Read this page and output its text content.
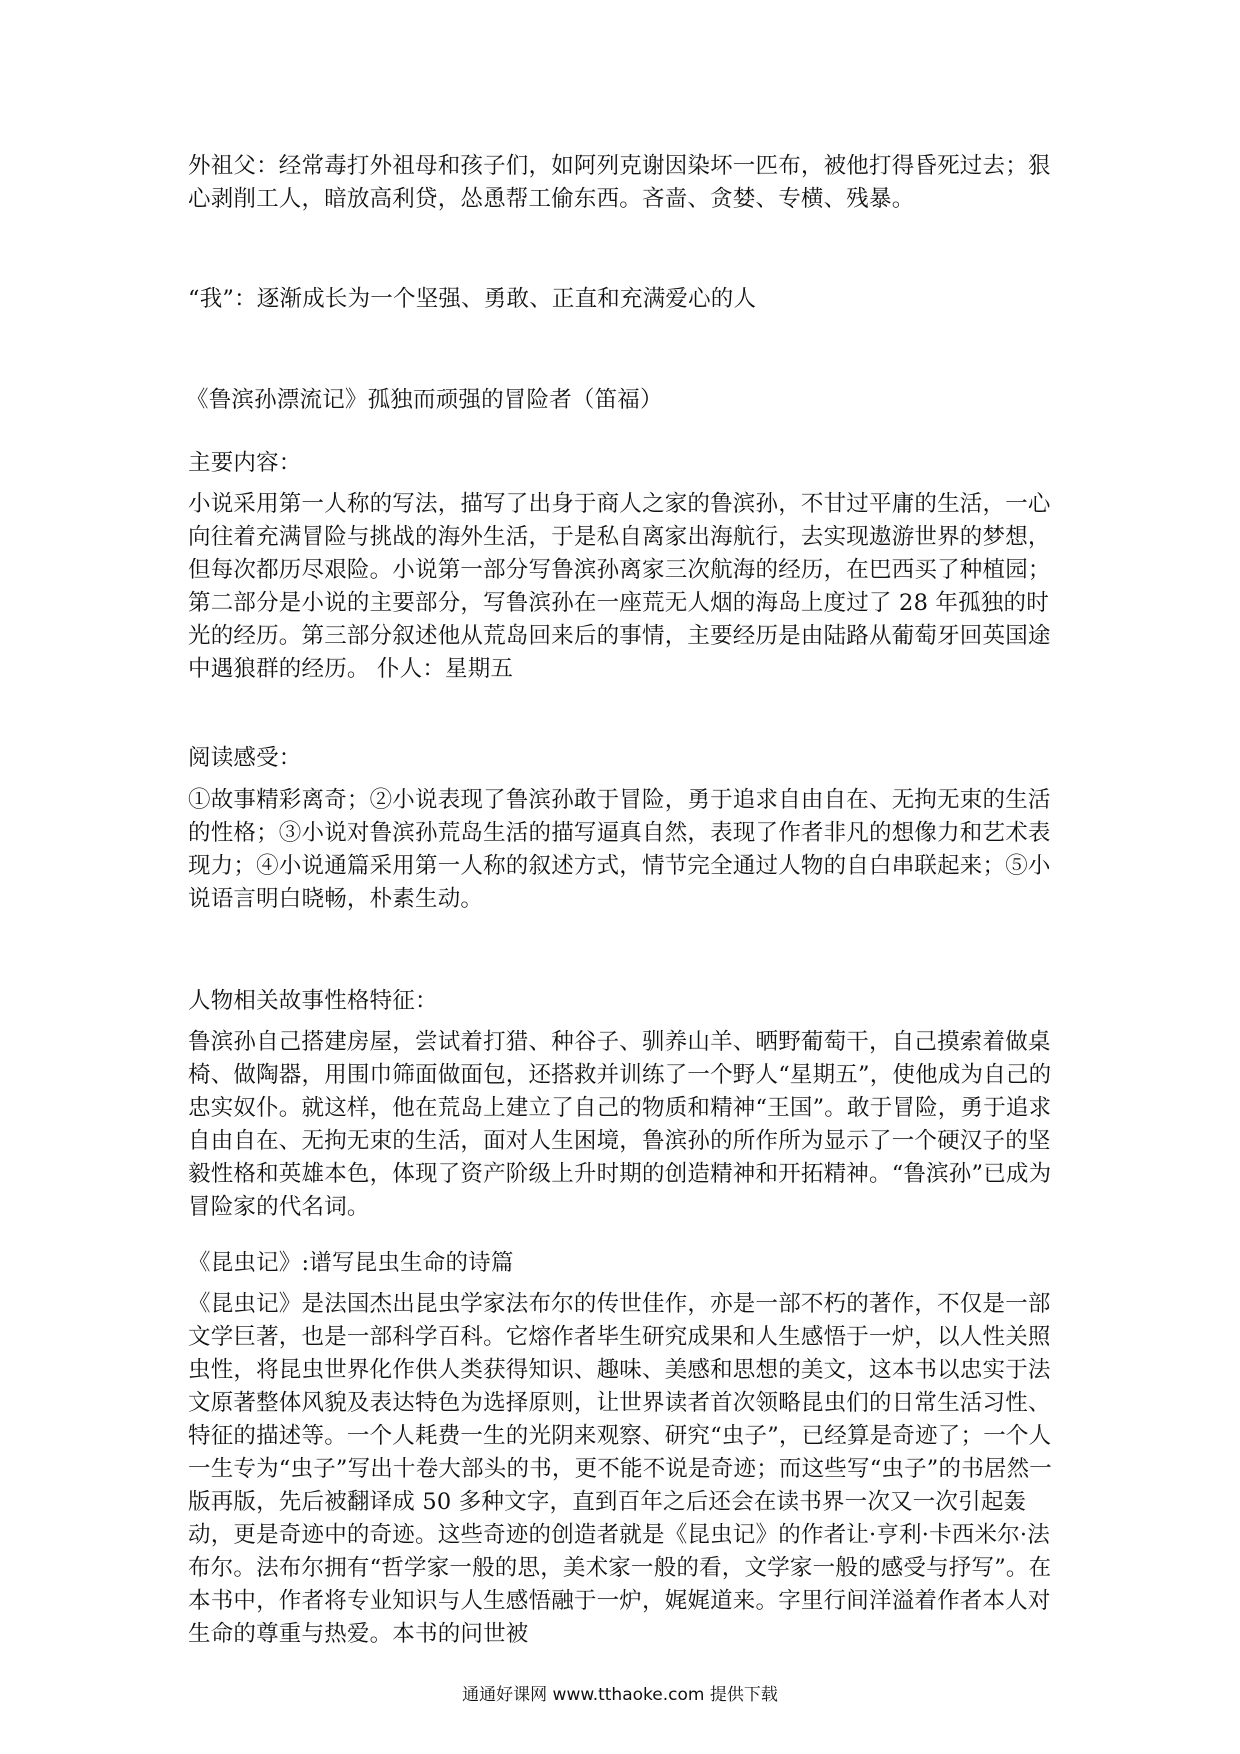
外祖父：经常毒打外祖母和孩子们，如阿列克谢因染坏一匹布，被他打得昏死过去；狠心剥削工人，暗放高利贷，怂恿帮工偷东西。吝啬、贪婪、专横、残暴。

“我”：逐渐成长为一个坚强、勇敢、正直和充满爱心的人

《鲁滨孙漂流记》孤独而顽强的冒险者（笛福）

主要内容：

小说采用第一人称的写法，描写了出身于商人之家的鲁滨孙，不甘过平庸的生活，一心向往着充满冒险与挑战的海外生活，于是私自离家出海航行，去实现遨游世界的梦想，但每次都历尽艰险。小说第一部分写鲁滨孙离家三次航海的经历，在巴西买了种植园；第二部分是小说的主要部分，写鲁滨孙在一座荒无人烟的海岛上度过了 28 年孤独的时光的经历。第三部分叙述他从荒岛回来后的事情，主要经历是由陆路从葡萄牙回英国途中遇狼群的经历。 仆人：星期五

阅读感受：

①故事精彩离奇；②小说表现了鲁滨孙敢于冒险，勇于追求自由自在、无拘无束的生活的性格；③小说对鲁滨孙荒岛生活的描写逼真自然，表现了作者非凡的想像力和艺术表现力；④小说通篇采用第一人称的叙述方式，情节完全通过人物的自白串联起来；⑤小说语言明白晓畅，朴素生动。

人物相关故事性格特征：

鲁滨孙自己搭建房屋，尝试着打猎、种谷子、驯养山羊、晒野葡萄干，自己摸索着做桌椅、做陶器，用围巾筛面做面包，还搭救并训练了一个野人“星期五”，使他成为自己的忠实奴仆。就这样，他在荒岛上建立了自己的物质和精神“王国”。敢于冒险，勇于追求自由自在、无拘无束的生活，面对人生困境，鲁滨孙的所作所为显示了一个硬汉子的坚毅性格和英雄本色，体现了资产阶级上升时期的创造精神和开拓精神。“鲁滨孙”已成为冒险家的代名词。

《昆虫记》:谱写昆虫生命的诗篇

《昆虫记》是法国杰出昆虫学家法布尔的传世佳作，亦是一部不朽的著作，不仅是一部文学巨著，也是一部科学百科。它熔作者毕生研究成果和人生感悟于一炉，以人性关照虫性，将昆虫世界化作供人类获得知识、趣味、美感和思想的美文，这本书以忠实于法文原著整体风貌及表达特色为选择原则，让世界读者首次领略昆虫们的日常生活习性、特征的描述等。一个人耗费一生的光阴来观察、研究“虫子”，已经算是奇迹了；一个人一生专为“虫子”写出十卷大部头的书，更不能不说是奇迹；而这些写“虫子”的书居然一版再版，先后被翻译成 50 多种文字，直到百年之后还会在读书界一次又一次引起轰动，更是奇迹中的奇迹。这些奇迹的创造者就是《昆虫记》的作者让·亨利·卡西米尔·法布尔。法布尔拥有“哲学家一般的思，美术家一般的看，文学家一般的感受与抒写”。在本书中，作者将专业知识与人生感悟融于一炉，娓娓道来。字里行间洋溢着作者本人对生命的尊重与热爱。本书的问世被

通通好课网 www.tthaoke.com 提供下载
